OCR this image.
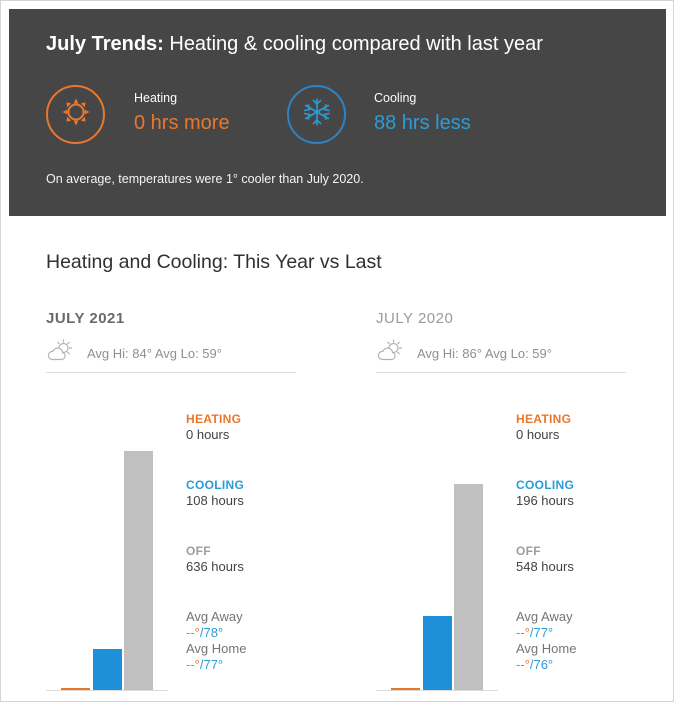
July Trends: Heating & cooling compared with last year
Heating
0 hrs more
Cooling
88 hrs less
On average, temperatures were 1° cooler than July 2020.
Heating and Cooling: This Year vs Last
JULY 2021
Avg Hi: 84° Avg Lo: 59°
HEATING
0 hours
COOLING
108 hours
OFF
636 hours
Avg Away
--°/78°
Avg Home
--°/77°
JULY 2020
Avg Hi: 86° Avg Lo: 59°
HEATING
0 hours
COOLING
196 hours
OFF
548 hours
Avg Away
--°/77°
Avg Home
--°/76°
